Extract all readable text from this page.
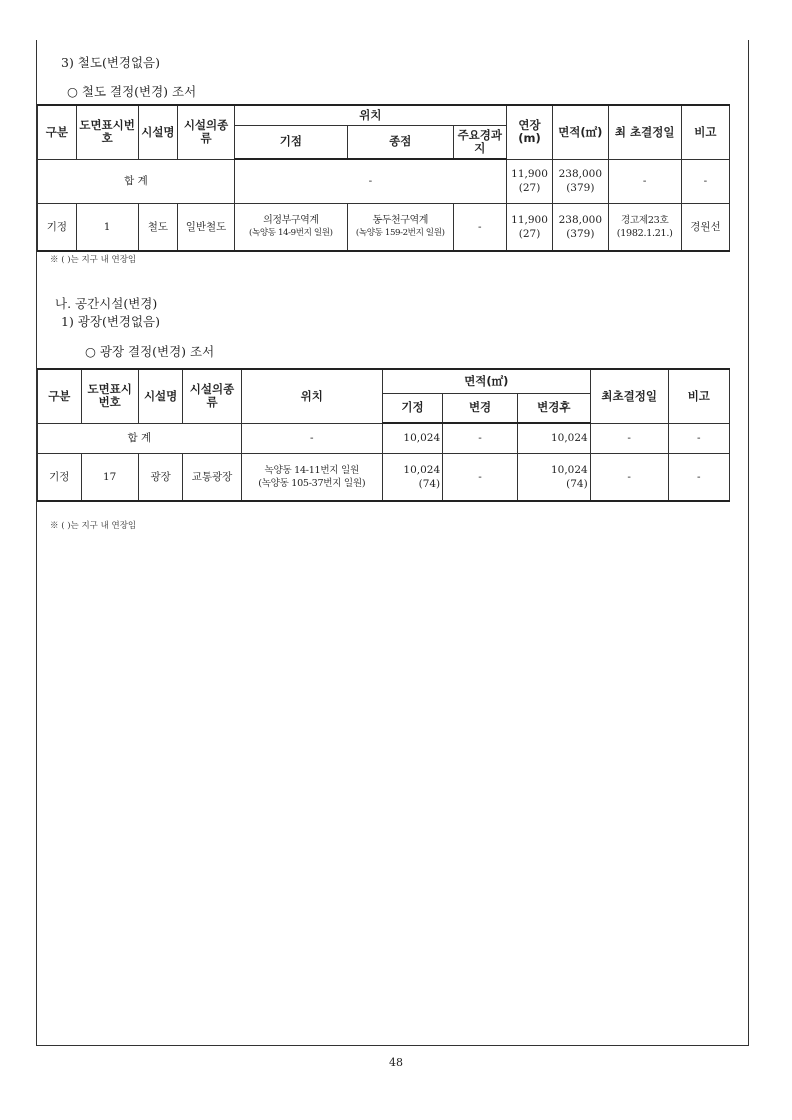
3) 철도(변경없음)
○ 철도 결정(변경) 조서
구분	도면표시번호	시설명	시설의종류	위치			연장(m)	면적(㎡)	최 초결정일	비고
				기점	종점	주요경과지				
합 계				-			11,900
(27)	238,000
(379)	-	-
기정	1	철도	일반철도	의정부구역계
(녹양동 14-9번지 일원)	동두천구역계
(녹양동 159-2번지 일원)	-	11,900
(27)	238,000
(379)	경고제23호
(1982.1.21.)	경원선
※ ( )는 지구 내 연장임
나. 공간시설(변경)
1) 광장(변경없음)
○ 광장 결정(변경) 조서
구분	도면표시번호	시설명	시설의종류	위치	면적(㎡)			최초결정일	비고
					기정	변경	변경후		
합 계				-	10,024	-	10,024	-	-
기정	17	광장	교통광장	녹양동 14-11번지 일원
(녹양동 105-37번지 일원)	10,024
(74)	-	10,024
(74)	-	-
※ ( )는 지구 내 연장임
48
